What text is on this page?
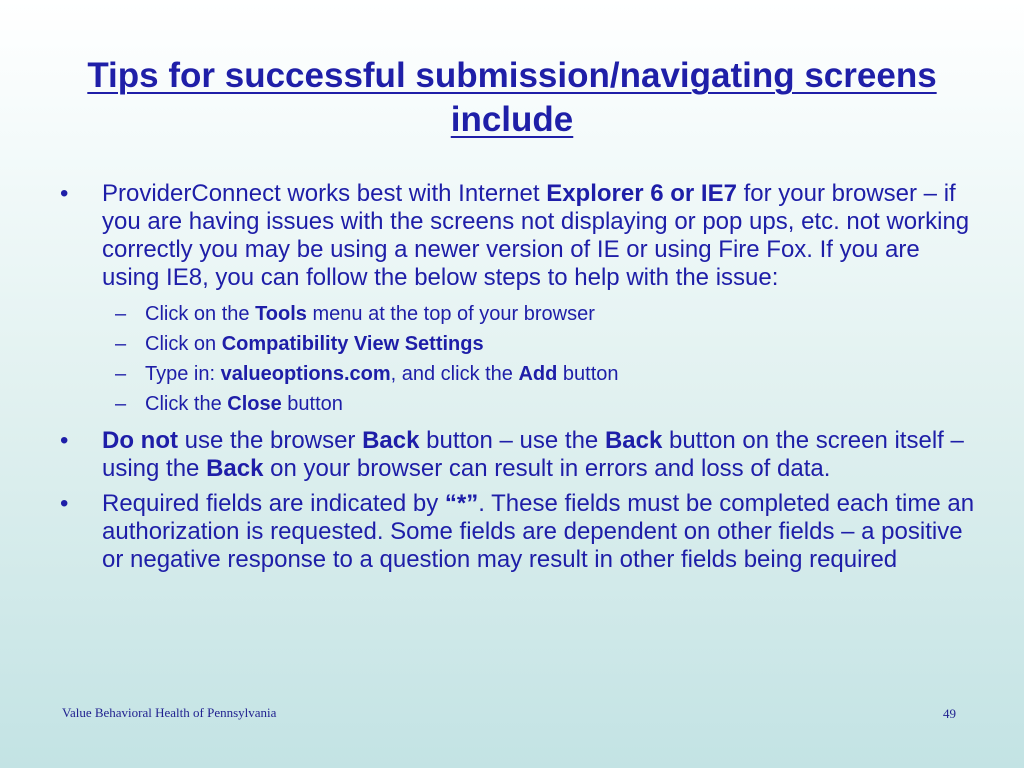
Tips for successful submission/navigating screens include
•	ProviderConnect works best with Internet Explorer 6 or IE7 for your browser – if you are having issues with the screens not displaying or pop ups, etc. not working correctly you may be using a newer version of IE or using Fire Fox. If you are using IE8, you can follow the below steps to help with the issue:
– Click on the Tools menu at the top of your browser
– Click on Compatibility View Settings
– Type in: valueoptions.com, and click the Add button
– Click the Close button
•	Do not use the browser Back button – use the Back button on the screen itself – using the Back on your browser can result in errors and loss of data.
•	Required fields are indicated by “*”. These fields must be completed each time an authorization is requested. Some fields are dependent on other fields – a positive or negative response to a question may result in other fields being required
Value Behavioral Health of Pennsylvania	49
